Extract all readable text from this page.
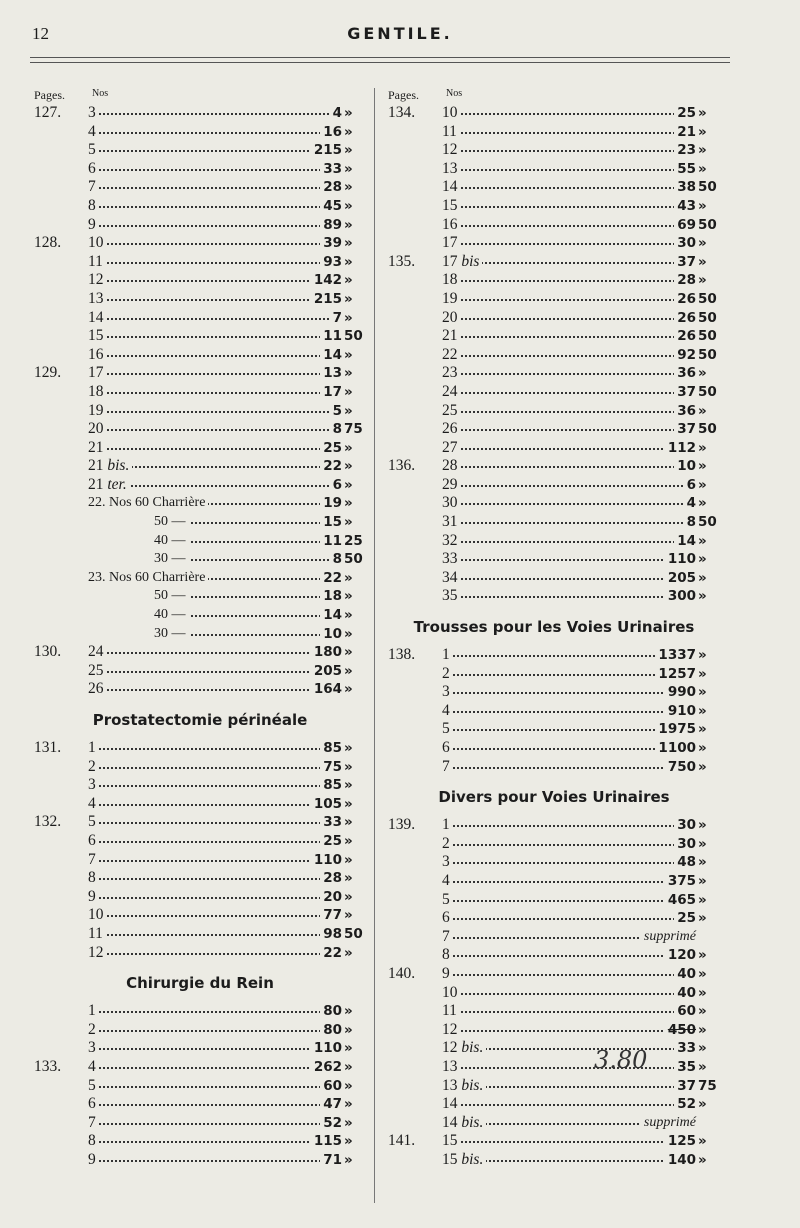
12	GENTILE.
Pages.	Nos
127.	3	4 »
4	16 »
5	215 »
6	33 »
7	28 »
8	45 »
9	89 »
128.	10	39 »
11	93 »
12	142 »
13	215 »
14	7 »
15	11 50
16	14 »
129.	17	13 »
18	17 »
19	5 »
20	8 75
21	25 »
21 bis.	22 »
21 ter.	6 »
22. Nos 60 Charrière	19 »
50 —	15 »
40 —	11 25
30 —	8 50
23. Nos 60 Charrière	22 »
50 —	18 »
40 —	14 »
30 —	10 »
130.	24	180 »
25	205 »
26	164 »
Prostatectomie périnéale
131.	1	85 »
2	75 »
3	85 »
4	105 »
132.	5	33 »
6	25 »
7	110 »
8	28 »
9	20 »
10	77 »
11	98 50
12	22 »
Chirurgie du Rein
1	80 »
2	80 »
3	110 »
133.	4	262 »
5	60 »
6	47 »
7	52 »
8	115 »
9	71 »
Pages.	Nos
134.	10	25 »
11	21 »
12	23 »
13	55 »
14	38 50
15	43 »
16	69 50
17	30 »
135.	17 bis	37 »
18	28 »
19	26 50
20	26 50
21	26 50
22	92 50
23	36 »
24	37 50
25	36 »
26	37 50
27	112 »
136.	28	10 »
29	6 »
30	4 »
31	8 50
32	14 »
33	110 »
34	205 »
35	300 »
Trousses pour les Voies Urinaires
138.	1	1337 »
2	1257 »
3	990 »
4	910 »
5	1975 »
6	1100 »
7	750 »
Divers pour Voies Urinaires
139.	1	30 »
2	30 »
3	48 »
4	375 »
5	465 »
6	25 »
7	supprimé
8	120 »
140.	9	40 »
10	40 »
11	60 »
12	450 »
12 bis.	33 »
13	35 »
13 bis.	37 75
14	52 »
14 bis.	supprimé
141.	15	125 »
15 bis.	140 »
3.80
